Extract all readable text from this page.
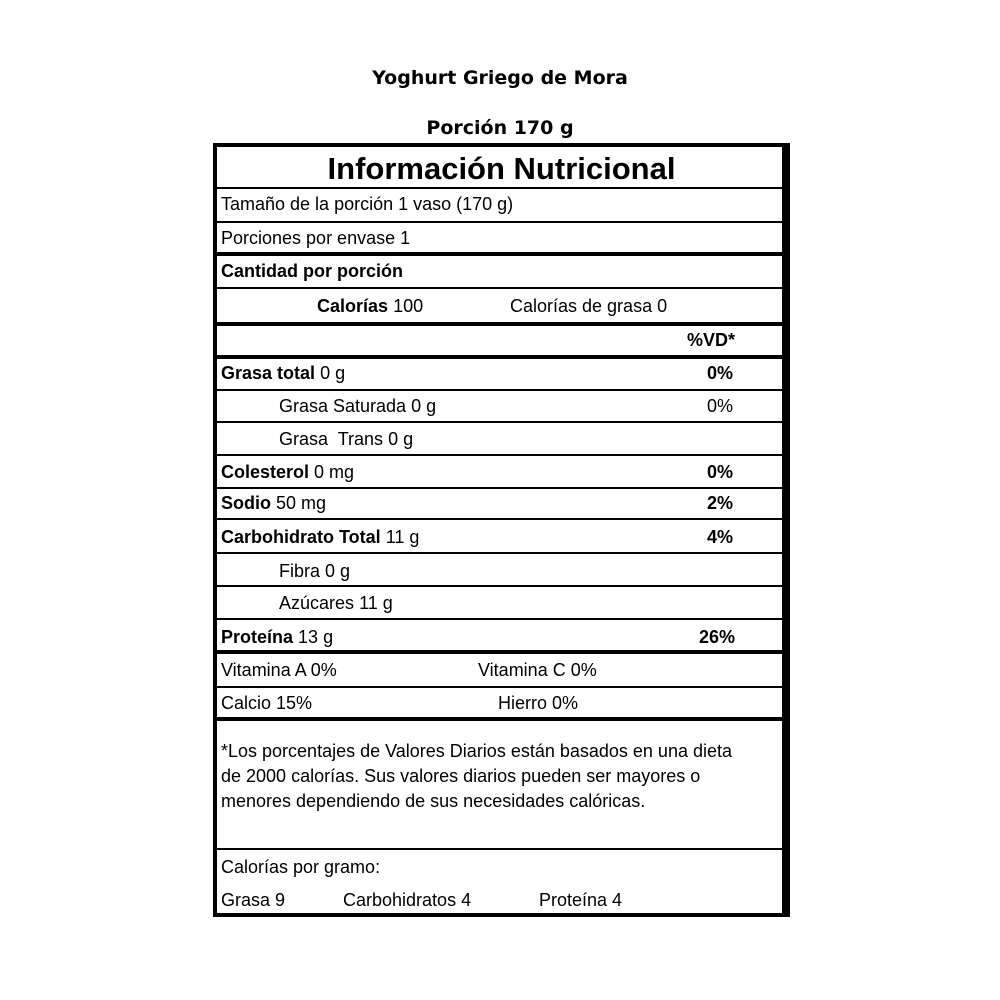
Yoghurt Griego de Mora
Porción 170 g
Información Nutricional
Tamaño de la porción 1 vaso (170 g)
Porciones por envase 1
Cantidad por porción
Calorías 100	Calorías de grasa 0
%VD*
Grasa total 0 g	0%
Grasa Saturada 0 g	0%
Grasa  Trans 0 g
Colesterol 0 mg	0%
Sodio 50 mg	2%
Carbohidrato Total 11 g	4%
Fibra 0 g
Azúcares 11 g
Proteína 13 g	26%
Vitamina A 0%	Vitamina C 0%
Calcio 15%	Hierro 0%
*Los porcentajes de Valores Diarios están basados en una dieta de 2000 calorías. Sus valores diarios pueden ser mayores o menores dependiendo de sus necesidades calóricas.
Calorías por gramo:
Grasa 9	Carbohidratos 4	Proteína 4
